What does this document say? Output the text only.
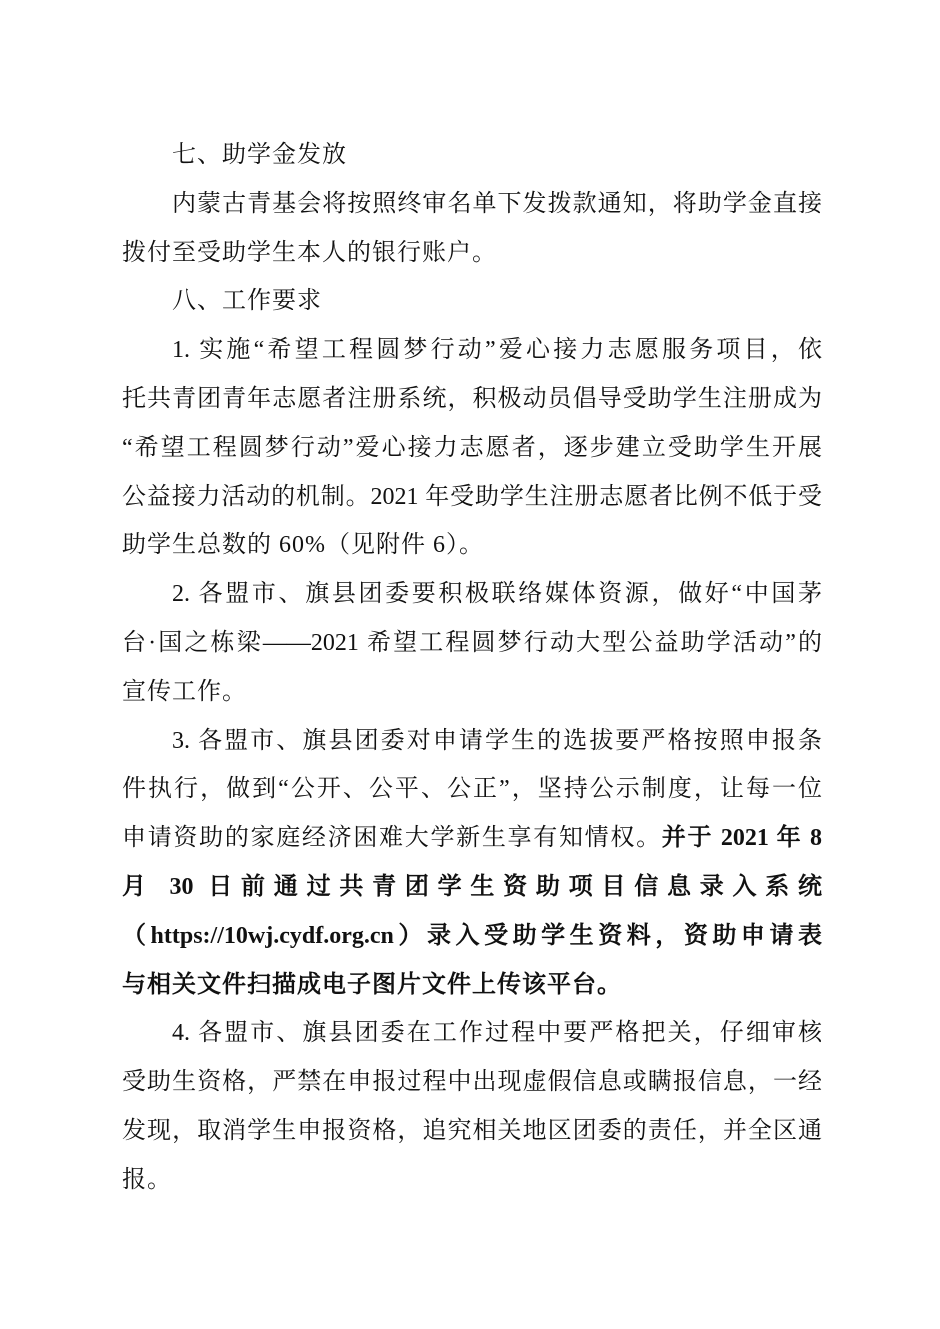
七、助学金发放
内蒙古青基会将按照终审名单下发拨款通知，将助学金直接
拨付至受助学生本人的银行账户。
八、工作要求
1. 实施“希望工程圆梦行动”爱心接力志愿服务项目，依
托共青团青年志愿者注册系统，积极动员倡导受助学生注册成为
“希望工程圆梦行动”爱心接力志愿者，逐步建立受助学生开展
公益接力活动的机制。2021 年受助学生注册志愿者比例不低于受
助学生总数的 60%（见附件 6）。
2. 各盟市、旗县团委要积极联络媒体资源，做好“中国茅
台·国之栋梁——2021 希望工程圆梦行动大型公益助学活动”的
宣传工作。
3. 各盟市、旗县团委对申请学生的选拔要严格按照申报条
件执行，做到“公开、公平、公正”，坚持公示制度，让每一位
申请资助的家庭经济困难大学新生享有知情权。并于 2021 年 8
月 30 日前通过共青团学生资助项目信息录入系统
（https://10wj.cydf.org.cn）录入受助学生资料，资助申请表
与相关文件扫描成电子图片文件上传该平台。
4. 各盟市、旗县团委在工作过程中要严格把关，仔细审核
受助生资格，严禁在申报过程中出现虚假信息或瞒报信息，一经
发现，取消学生申报资格，追究相关地区团委的责任，并全区通
报。
